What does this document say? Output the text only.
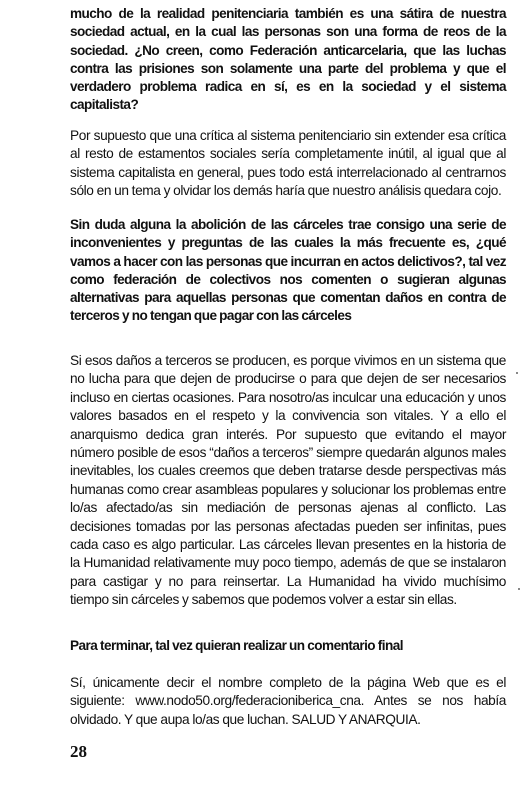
mucho de la realidad penitenciaria también es una sátira de nuestra sociedad actual, en la cual las personas son una forma de reos de la sociedad. ¿No creen, como Federación anticarcelaria, que las luchas contra las prisiones son solamente una parte del problema y que el verdadero problema radica en sí, es en la sociedad y el sistema capitalista?

Por supuesto que una crítica al sistema penitenciario sin extender esa crítica al resto de estamentos sociales sería completamente inútil, al igual que al sistema capitalista en general, pues todo está interrelacionado al centrarnos sólo en un tema y olvidar los demás haría que nuestro análisis quedara cojo.

Sin duda alguna la abolición de las cárceles trae consigo una serie de inconvenientes y preguntas de las cuales la más frecuente es, ¿qué vamos a hacer con las personas que incurran en actos delictivos?, tal vez como federación de colectivos nos comenten o sugieran algunas alternativas para aquellas personas que comentan daños en contra de terceros y no tengan que pagar con las cárceles

Si esos daños a terceros se producen, es porque vivimos en un sistema que no lucha para que dejen de producirse o para que dejen de ser necesarios incluso en ciertas ocasiones. Para nosotro/as inculcar una educación y unos valores basados en el respeto y la convivencia son vitales. Y a ello el anarquismo dedica gran interés. Por supuesto que evitando el mayor número posible de esos “daños a terceros” siempre quedarán algunos males inevitables, los cuales creemos que deben tratarse desde perspectivas más humanas como crear asambleas populares y solucionar los problemas entre lo/as afectado/as sin mediación de personas ajenas al conflicto. Las decisiones tomadas por las personas afectadas pueden ser infinitas, pues cada caso es algo particular. Las cárceles llevan presentes en la historia de la Humanidad relativamente muy poco tiempo, además de que se instalaron para castigar y no para reinsertar. La Humanidad ha vivido muchísimo tiempo sin cárceles y sabemos que podemos volver a estar sin ellas.

Para terminar, tal vez quieran realizar un comentario final

Sí, únicamente decir el nombre completo de la página Web que es el siguiente: www.nodo50.org/federacioniberica_cna. Antes se nos había olvidado. Y que aupa lo/as que luchan. SALUD Y ANARQUIA.

28
